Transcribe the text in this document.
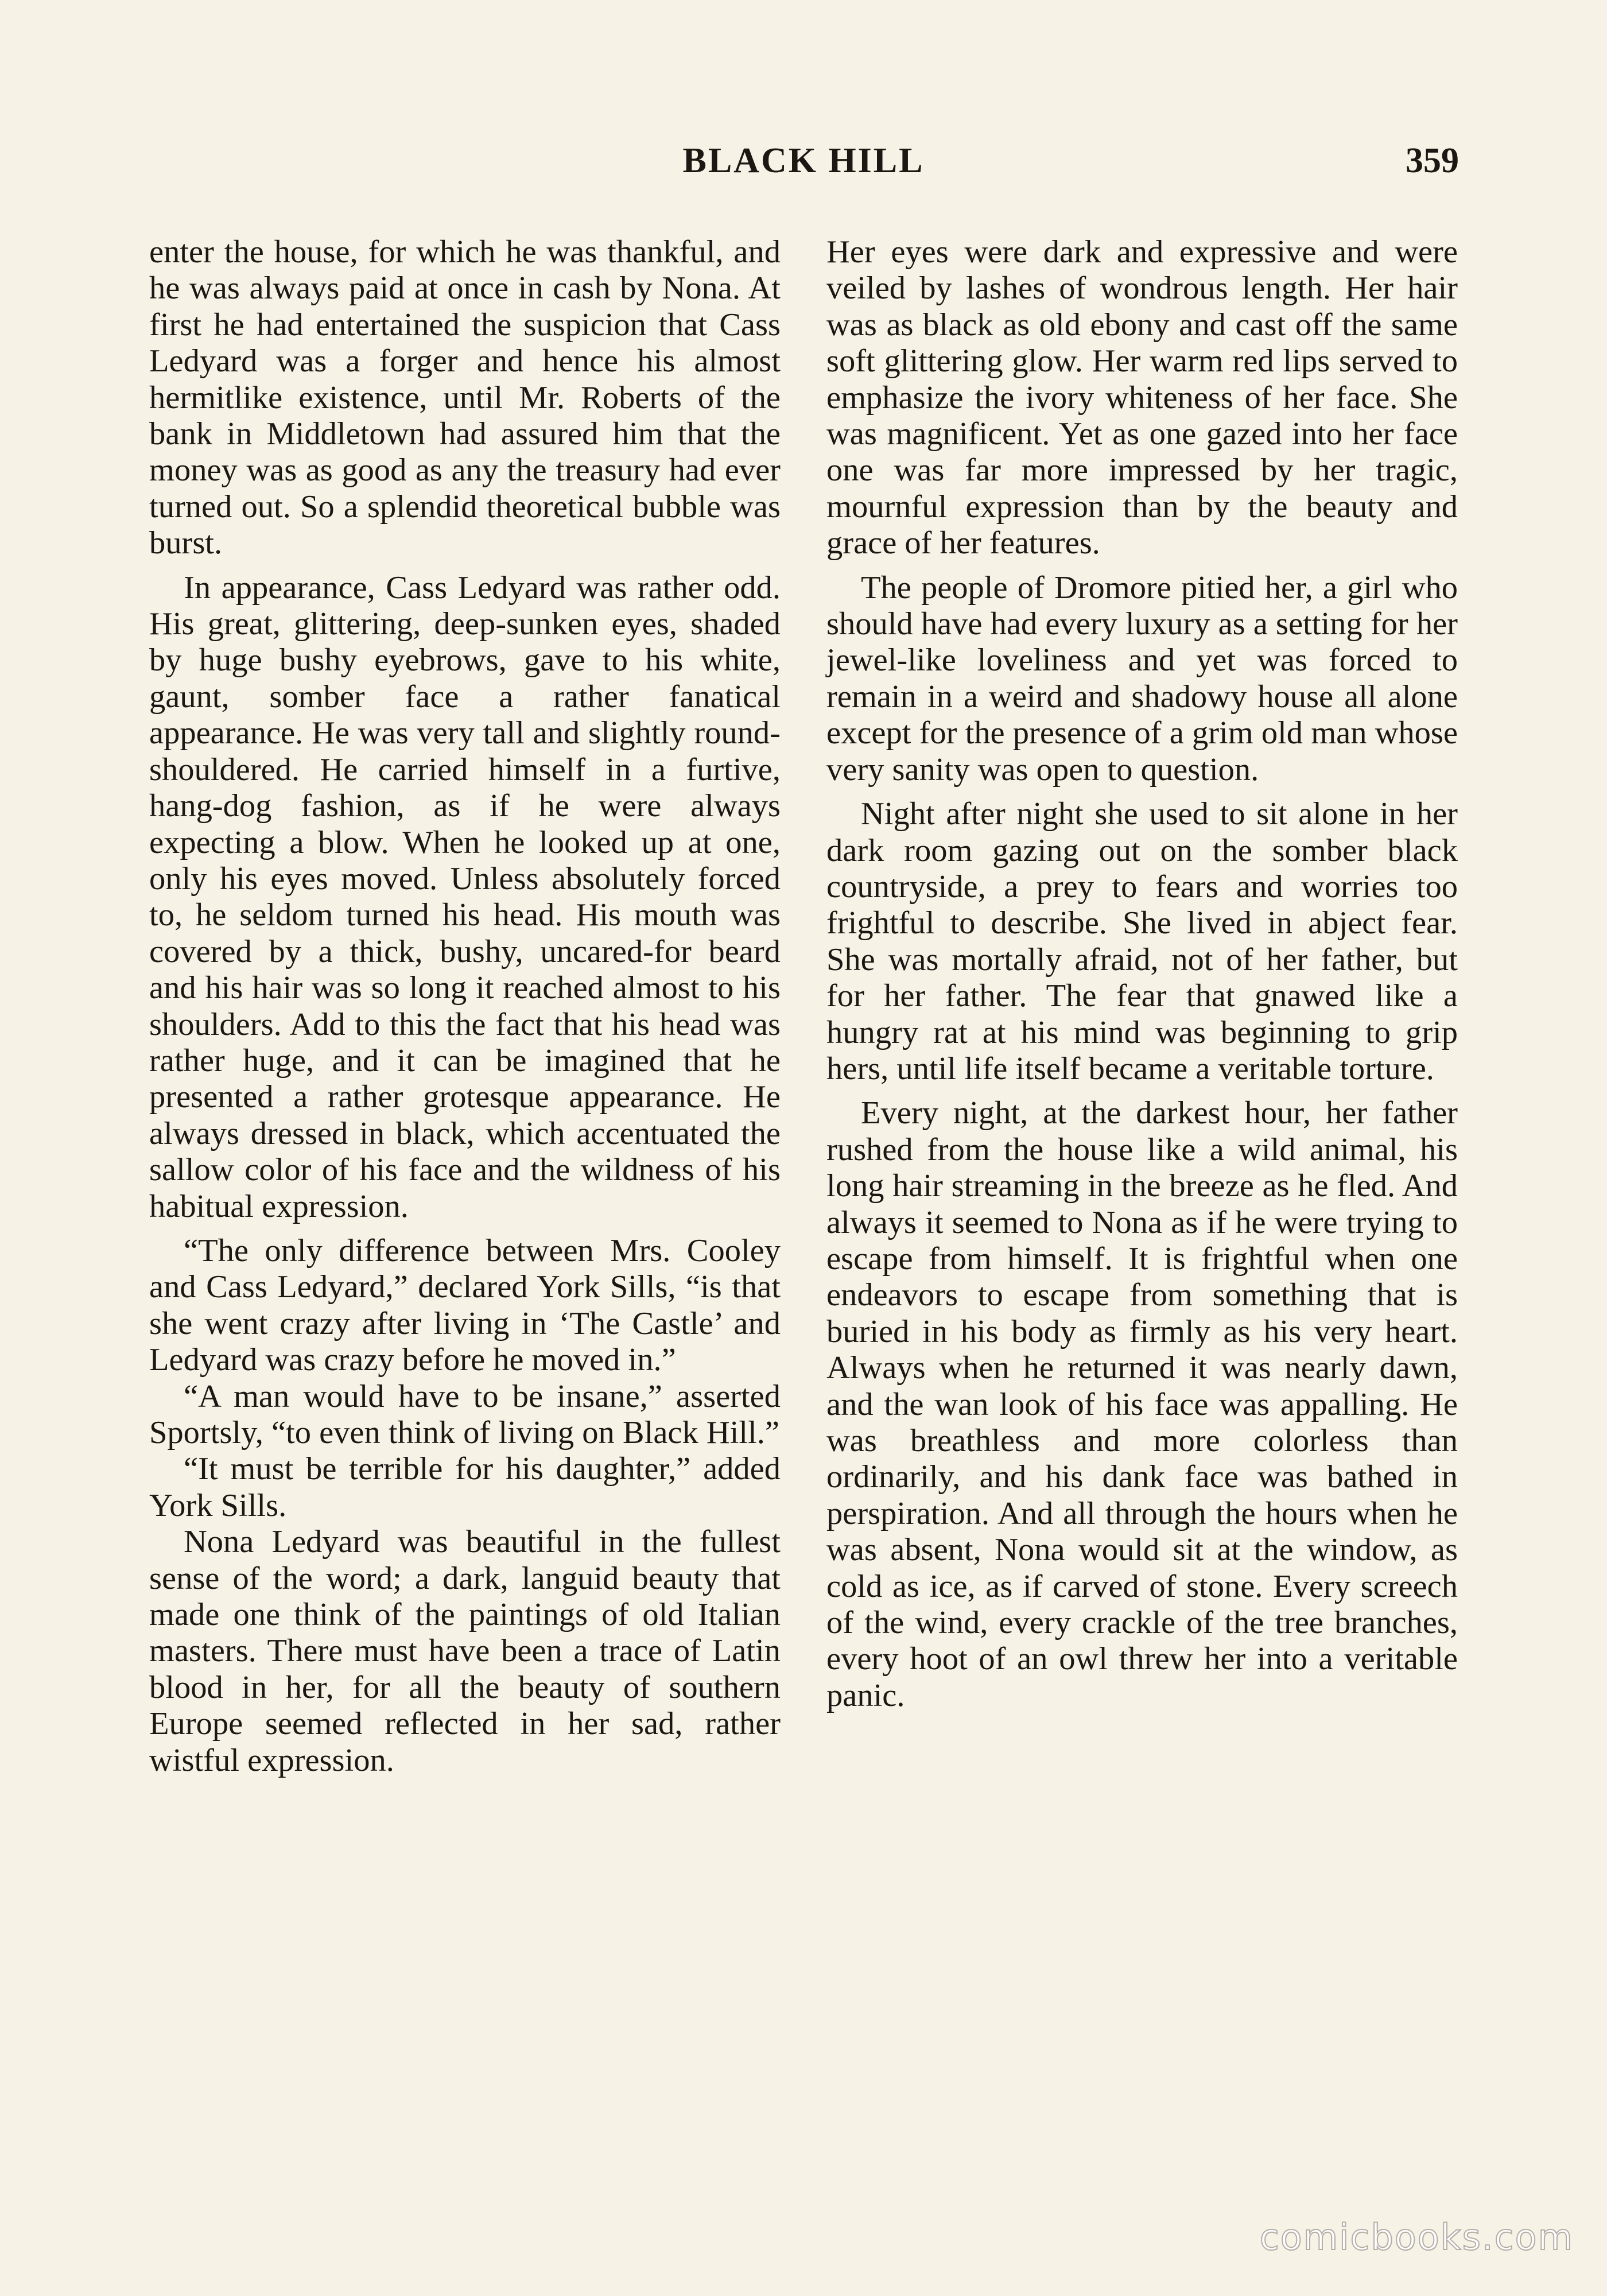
BLACK HILL	359

enter the house, for which he was thankful, and he was always paid at once in cash by Nona. At first he had entertained the suspicion that Cass Ledyard was a forger and hence his almost hermitlike existence, until Mr. Roberts of the bank in Middletown had assured him that the money was as good as any the treasury had ever turned out. So a splendid theoretical bubble was burst.

In appearance, Cass Ledyard was rather odd. His great, glittering, deep-sunken eyes, shaded by huge bushy eyebrows, gave to his white, gaunt, somber face a rather fanatical appearance. He was very tall and slightly round-shouldered. He carried himself in a furtive, hang-dog fashion, as if he were always expecting a blow. When he looked up at one, only his eyes moved. Unless absolutely forced to, he seldom turned his head. His mouth was covered by a thick, bushy, uncared-for beard and his hair was so long it reached almost to his shoulders. Add to this the fact that his head was rather huge, and it can be imagined that he presented a rather grotesque appearance. He always dressed in black, which accentuated the sallow color of his face and the wildness of his habitual expression.

“The only difference between Mrs. Cooley and Cass Ledyard,” declared York Sills, “is that she went crazy after living in ‘The Castle’ and Ledyard was crazy before he moved in.”

“A man would have to be insane,” asserted Sportsly, “to even think of living on Black Hill.”

“It must be terrible for his daughter,” added York Sills.

Nona Ledyard was beautiful in the fullest sense of the word; a dark, languid beauty that made one think of the paintings of old Italian masters. There must have been a trace of Latin blood in her, for all the beauty of southern Europe seemed reflected in her sad, rather wistful expression.

Her eyes were dark and expressive and were veiled by lashes of wondrous length. Her hair was as black as old ebony and cast off the same soft glittering glow. Her warm red lips served to emphasize the ivory whiteness of her face. She was magnificent. Yet as one gazed into her face one was far more impressed by her tragic, mournful expression than by the beauty and grace of her features.

The people of Dromore pitied her, a girl who should have had every luxury as a setting for her jewel-like loveliness and yet was forced to remain in a weird and shadowy house all alone except for the presence of a grim old man whose very sanity was open to question.

Night after night she used to sit alone in her dark room gazing out on the somber black countryside, a prey to fears and worries too frightful to describe. She lived in abject fear. She was mortally afraid, not of her father, but for her father. The fear that gnawed like a hungry rat at his mind was beginning to grip hers, until life itself became a veritable torture.

Every night, at the darkest hour, her father rushed from the house like a wild animal, his long hair streaming in the breeze as he fled. And always it seemed to Nona as if he were trying to escape from himself. It is frightful when one endeavors to escape from something that is buried in his body as firmly as his very heart. Always when he returned it was nearly dawn, and the wan look of his face was appalling. He was breathless and more colorless than ordinarily, and his dank face was bathed in perspiration. And all through the hours when he was absent, Nona would sit at the window, as cold as ice, as if carved of stone. Every screech of the wind, every crackle of the tree branches, every hoot of an owl threw her into a veritable panic.

comicbooks.com
